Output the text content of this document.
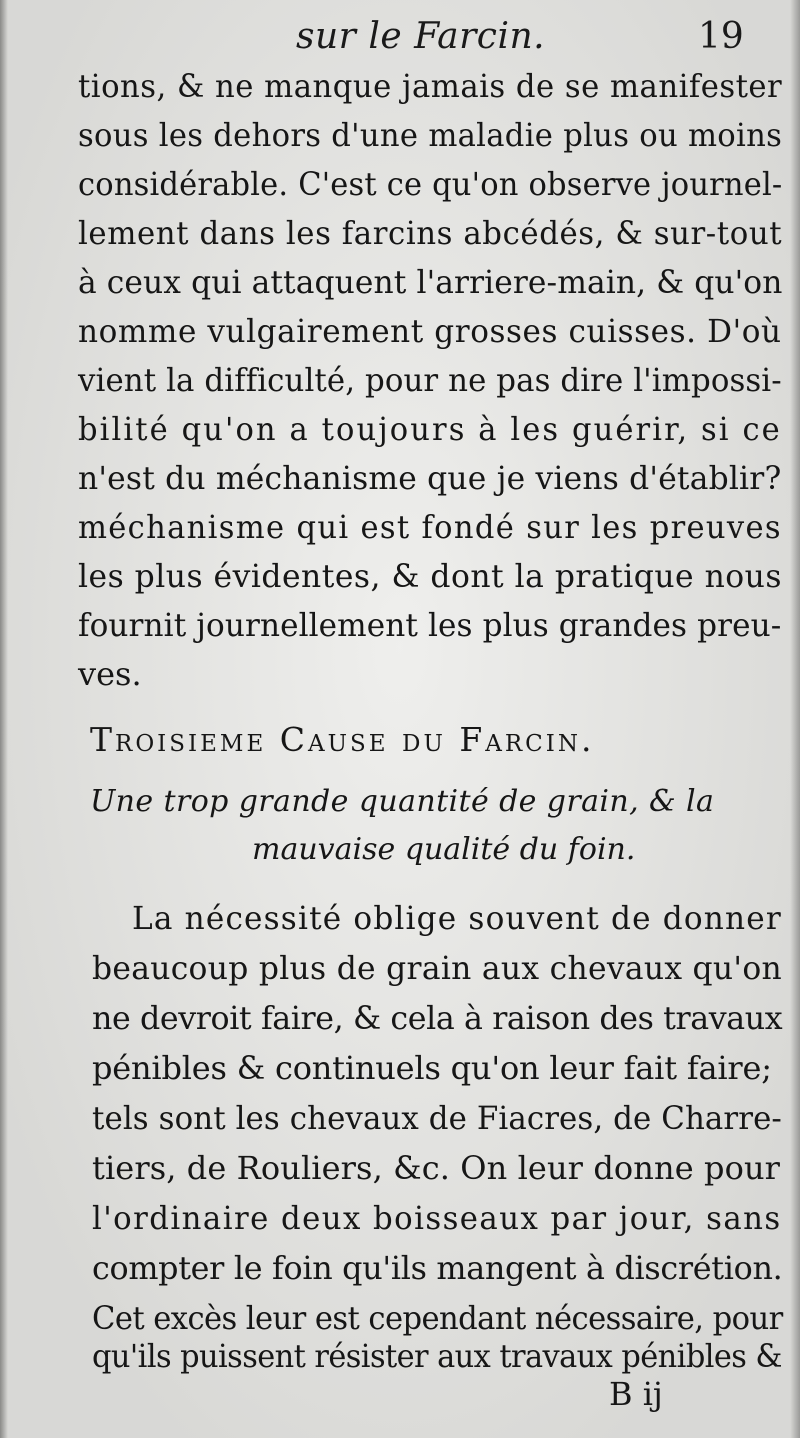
sur le Farcin.	19
tions, & ne manque jamais de se manifester
sous les dehors d'une maladie plus ou moins
considérable. C'est ce qu'on observe journel-
lement dans les farcins abcédés, & sur-tout
à ceux qui attaquent l'arriere-main, & qu'on
nomme vulgairement grosses cuisses. D'où
vient la difficulté, pour ne pas dire l'impossi-
bilité qu'on a toujours à les guérir, si ce
n'est du méchanisme que je viens d'établir?
méchanisme qui est fondé sur les preuves
les plus évidentes, & dont la pratique nous
fournit journellement les plus grandes preu-
ves.
Troisieme Cause du Farcin.
Une trop grande quantité de grain, & la
mauvaise qualité du foin.
La nécessité oblige souvent de donner
beaucoup plus de grain aux chevaux qu'on
ne devroit faire, & cela à raison des travaux
pénibles & continuels qu'on leur fait faire;
tels sont les chevaux de Fiacres, de Charre-
tiers, de Rouliers, &c. On leur donne pour
l'ordinaire deux boisseaux par jour, sans
compter le foin qu'ils mangent à discrétion.
Cet excès leur est cependant nécessaire, pour
qu'ils puissent résister aux travaux pénibles &
B ij
